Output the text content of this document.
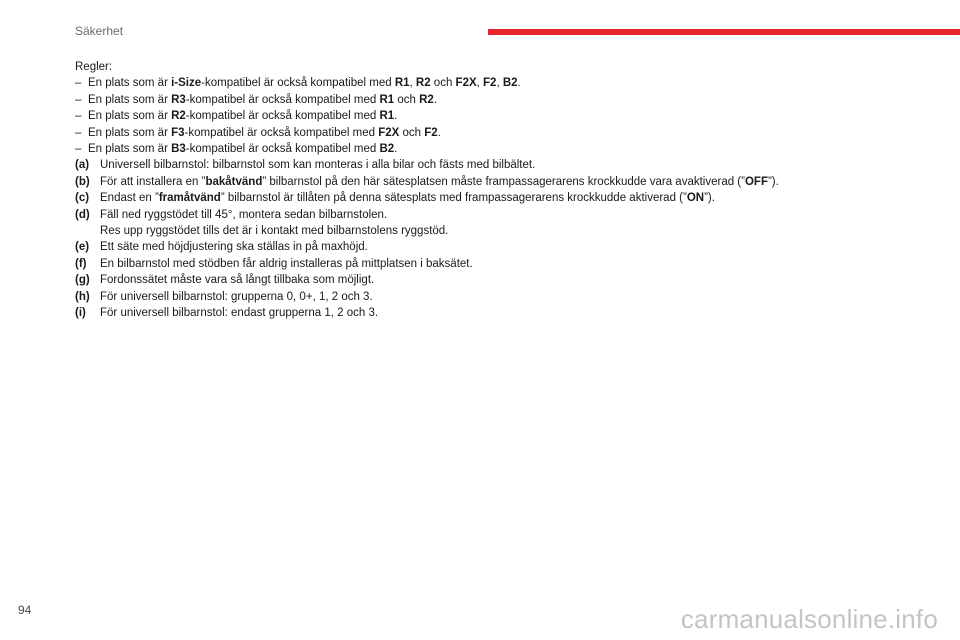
Säkerhet
Regler:
– En plats som är i-Size-kompatibel är också kompatibel med R1, R2 och F2X, F2, B2.
– En plats som är R3-kompatibel är också kompatibel med R1 och R2.
– En plats som är R2-kompatibel är också kompatibel med R1.
– En plats som är F3-kompatibel är också kompatibel med F2X och F2.
– En plats som är B3-kompatibel är också kompatibel med B2.
(a) Universell bilbarnstol: bilbarnstol som kan monteras i alla bilar och fästs med bilbältet.
(b) För att installera en ”bakåtvänd” bilbarnstol på den här sätesplatsen måste frampassagerarens krockkudde vara avaktiverad (”OFF”).
(c) Endast en ”framåtvänd” bilbarnstol är tillåten på denna sätesplats med frampassagerarens krockkudde aktiverad (”ON”).
(d) Fäll ned ryggstödet till 45°, montera sedan bilbarnstolen.
Res upp ryggstödet tills det är i kontakt med bilbarnstolens ryggstöd.
(e) Ett säte med höjdjustering ska ställas in på maxhöjd.
(f)	En bilbarnstol med stödben får aldrig installeras på mittplatsen i baksätet.
(g) Fordonssätet måste vara så långt tillbaka som möjligt.
(h) För universell bilbarnstol: grupperna 0, 0+, 1, 2 och 3.
(i)	För universell bilbarnstol: endast grupperna 1, 2 och 3.
94	carmanualsonline.info
